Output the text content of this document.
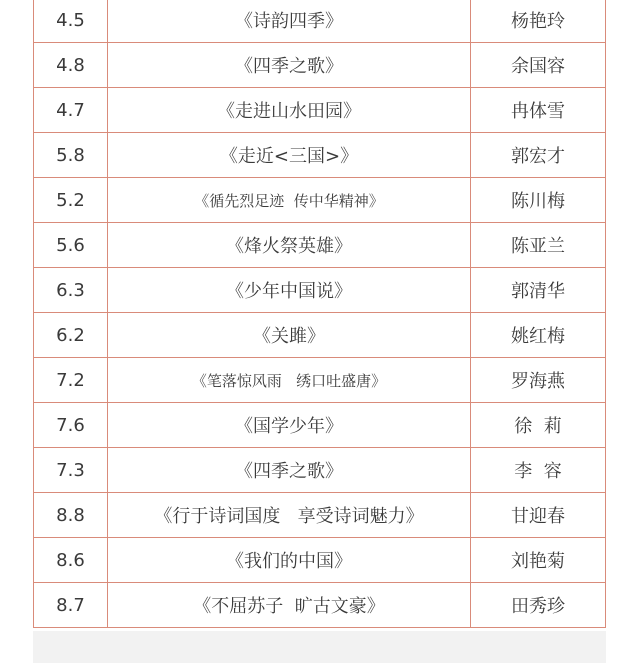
4.5	《诗韵四季》	杨艳玲
4.8	《四季之歌》	余国容
4.7	《走进山水田园》	冉体雪
5.8	《走近<三国>》	郭宏才
5.2	《循先烈足迹  传中华精神》	陈川梅
5.6	《烽火祭英雄》	陈亚兰
6.3	《少年中国说》	郭清华
6.2	《关雎》	姚红梅
7.2	《笔落惊风雨   绣口吐盛唐》	罗海燕
7.6	《国学少年》	徐  莉
7.3	《四季之歌》	李  容
8.8	《行于诗词国度   享受诗词魅力》	甘迎春
8.6	《我们的中国》	刘艳菊
8.7	《不屈苏子  旷古文豪》	田秀珍
